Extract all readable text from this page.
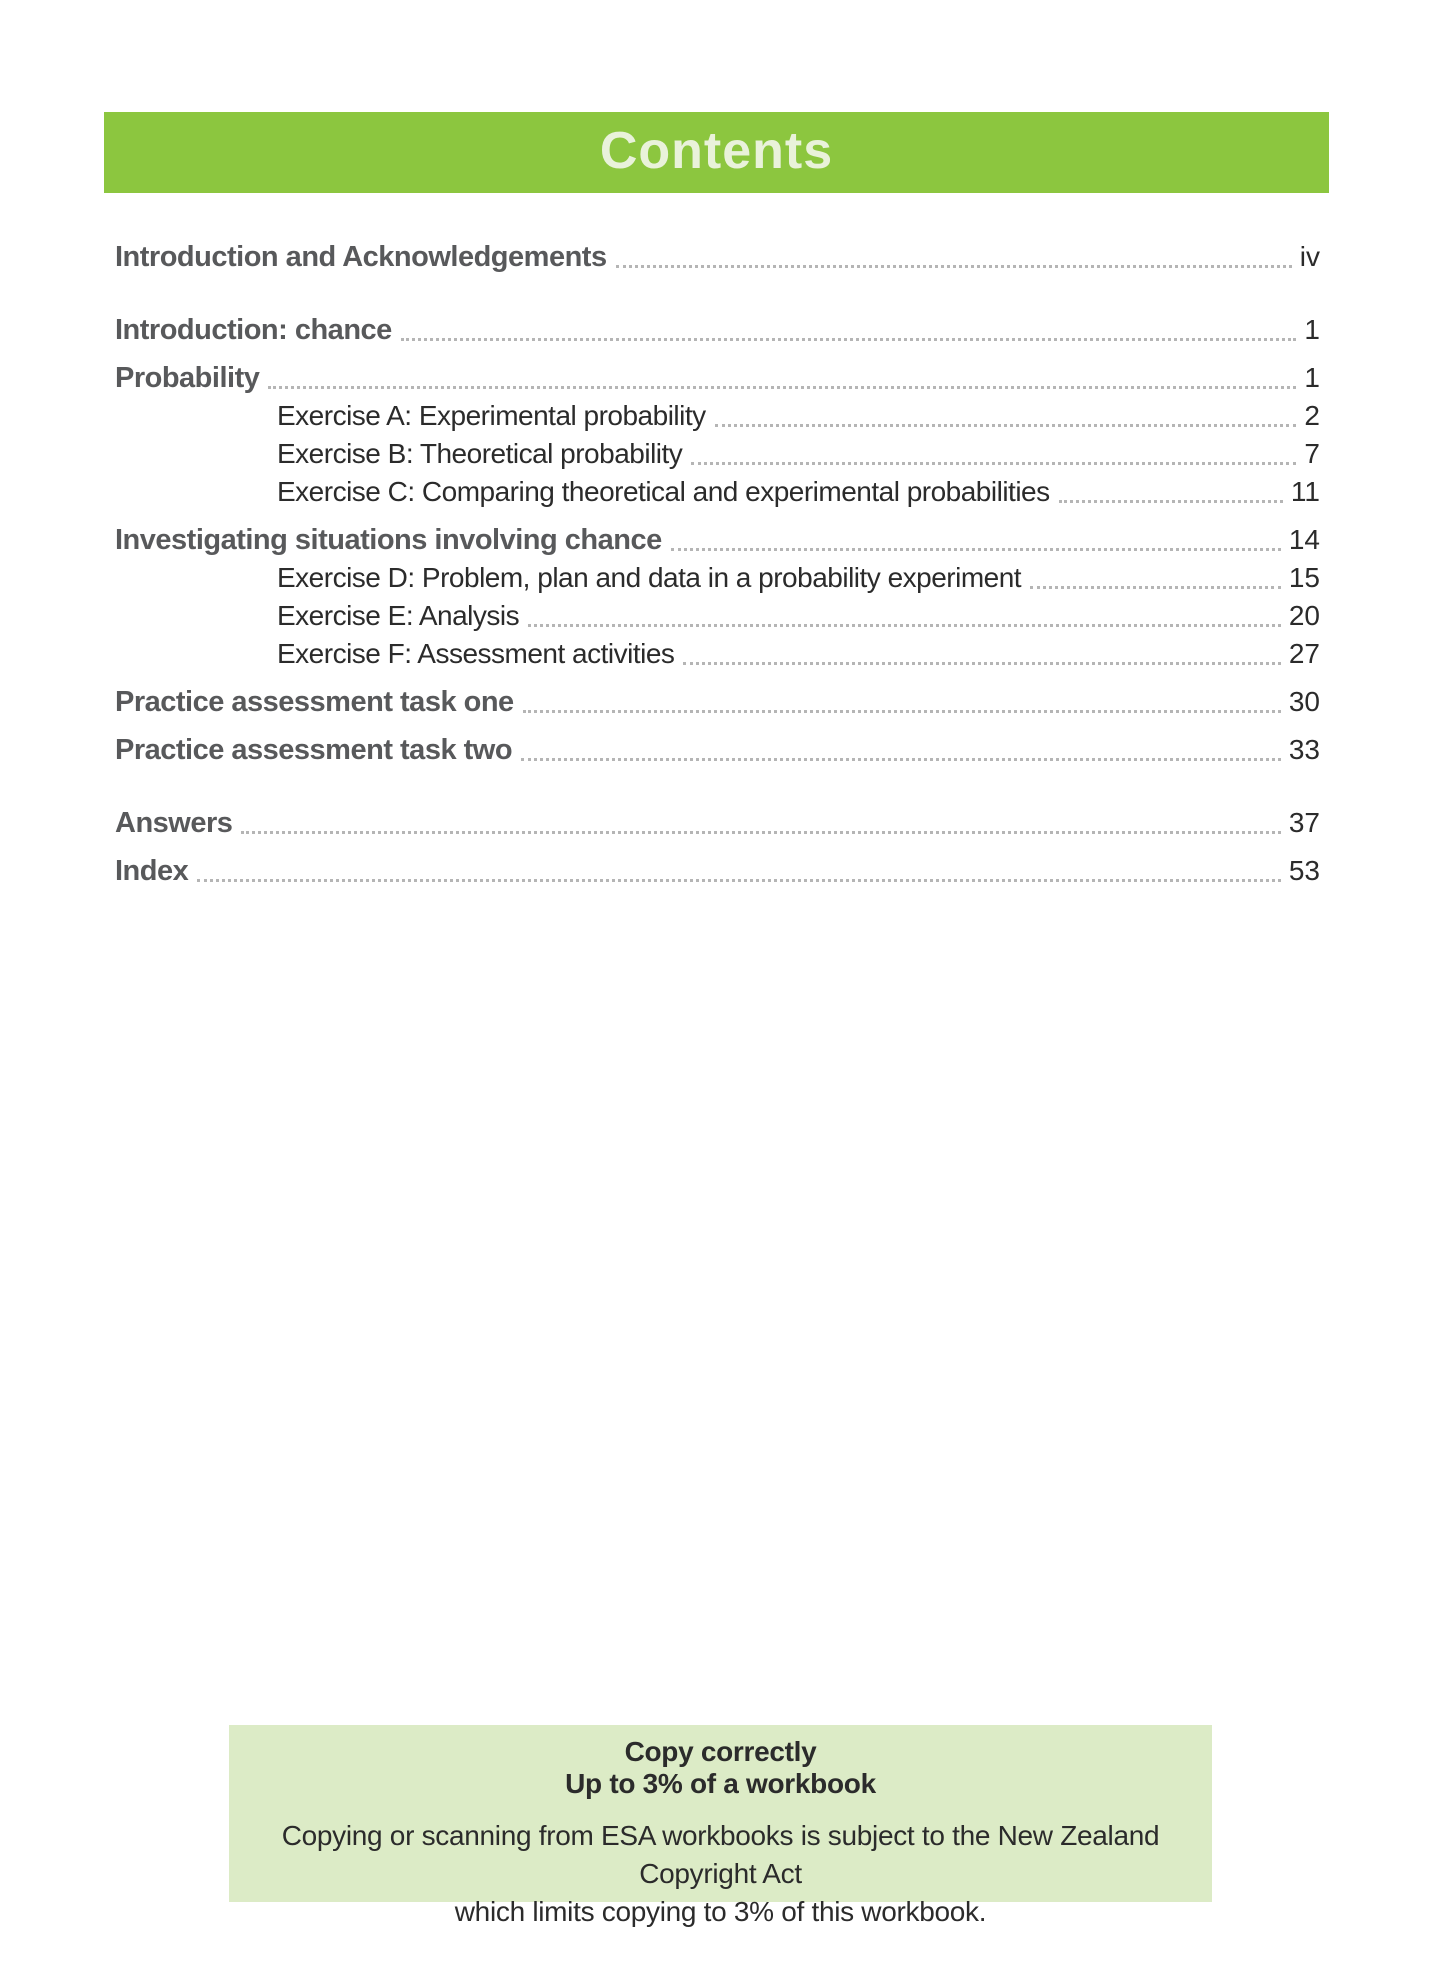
Contents
Introduction and Acknowledgements	iv
Introduction: chance	1
Probability	1
Exercise A: Experimental probability	2
Exercise B: Theoretical probability	7
Exercise C: Comparing theoretical and experimental probabilities	11
Investigating situations involving chance	14
Exercise D: Problem, plan and data in a probability experiment	15
Exercise E: Analysis	20
Exercise F: Assessment activities	27
Practice assessment task one	30
Practice assessment task two	33
Answers	37
Index	53
Copy correctly
Up to 3% of a workbook
Copying or scanning from ESA workbooks is subject to the New Zealand Copyright Act
which limits copying to 3% of this workbook.
